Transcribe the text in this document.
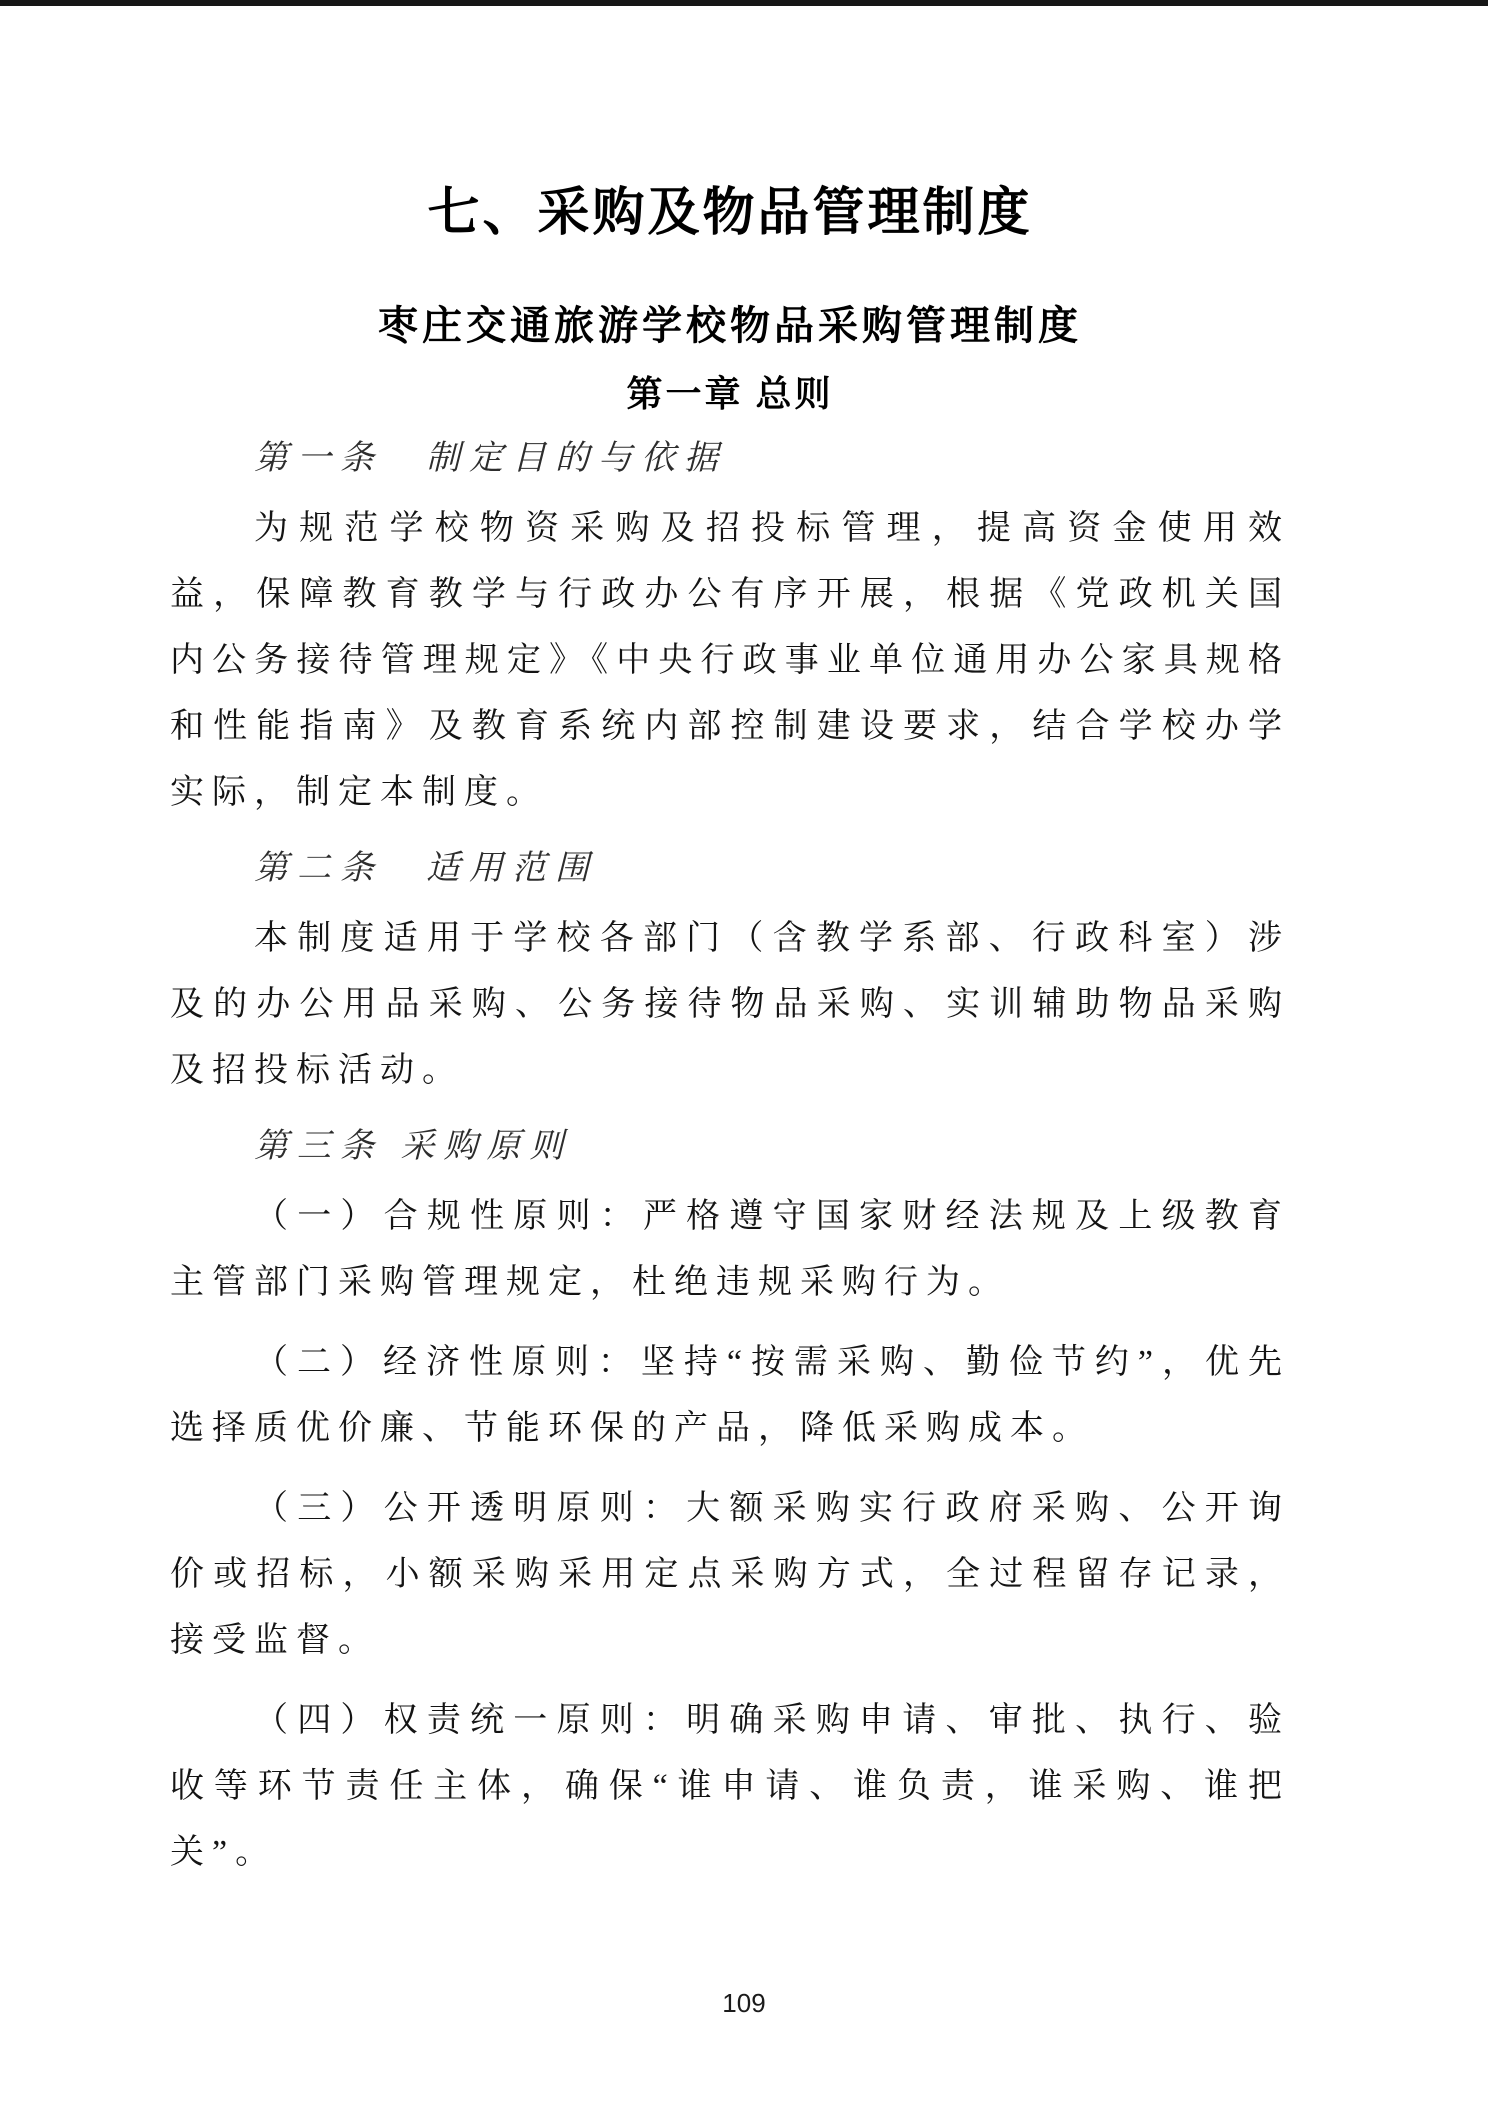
七、采购及物品管理制度
枣庄交通旅游学校物品采购管理制度
第一章 总则
第一条　制定目的与依据

为规范学校物资采购及招投标管理，提高资金使用效益，保障教育教学与行政办公有序开展，根据《党政机关国内公务接待管理规定》《中央行政事业单位通用办公家具规格和性能指南》及教育系统内部控制建设要求，结合学校办学实际，制定本制度。

第二条　适用范围

本制度适用于学校各部门（含教学系部、行政科室）涉及的办公用品采购、公务接待物品采购、实训辅助物品采购及招投标活动。

第三条 采购原则

（一）合规性原则：严格遵守国家财经法规及上级教育主管部门采购管理规定，杜绝违规采购行为。

（二）经济性原则：坚持“按需采购、勤俭节约”，优先选择质优价廉、节能环保的产品，降低采购成本。

（三）公开透明原则：大额采购实行政府采购、公开询价或招标，小额采购采用定点采购方式，全过程留存记录，接受监督。

（四）权责统一原则：明确采购申请、审批、执行、验收等环节责任主体，确保“谁申请、谁负责，谁采购、谁把关”。

109
